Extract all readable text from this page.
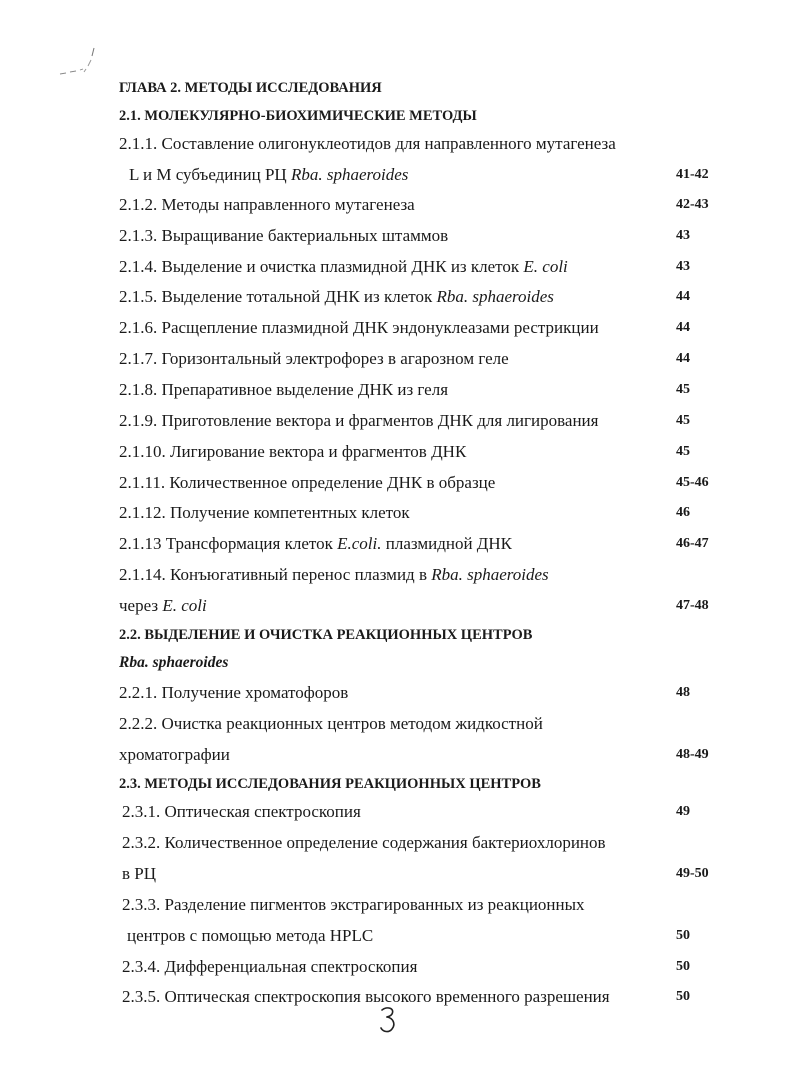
ГЛАВА 2. МЕТОДЫ ИССЛЕДОВАНИЯ
2.1. МОЛЕКУЛЯРНО-БИОХИМИЧЕСКИЕ МЕТОДЫ
2.1.1. Составление олигонуклеотидов для направленного мутагенеза
L и M субъединиц РЦ Rba. sphaeroides	41-42
2.1.2. Методы направленного мутагенеза	42-43
2.1.3. Выращивание бактериальных штаммов	43
2.1.4. Выделение и очистка плазмидной ДНК из клеток E. coli	43
2.1.5. Выделение тотальной ДНК из клеток Rba. sphaeroides	44
2.1.6. Расщепление плазмидной ДНК эндонуклеазами рестрикции	44
2.1.7. Горизонтальный электрофорез в агарозном геле	44
2.1.8. Препаративное выделение ДНК из геля	45
2.1.9. Приготовление вектора и фрагментов ДНК для лигирования	45
2.1.10. Лигирование вектора и фрагментов ДНК	45
2.1.11. Количественное определение ДНК в образце	45-46
2.1.12. Получение компетентных клеток	46
2.1.13 Трансформация клеток E.coli. плазмидной ДНК	46-47
2.1.14. Конъюгативный перенос плазмид в Rba. sphaeroides
через E. coli	47-48
2.2. ВЫДЕЛЕНИЕ И ОЧИСТКА РЕАКЦИОННЫХ ЦЕНТРОВ
Rba. sphaeroides
2.2.1. Получение хроматофоров	48
2.2.2. Очистка реакционных центров методом жидкостной
хроматографии	48-49
2.3. МЕТОДЫ ИССЛЕДОВАНИЯ РЕАКЦИОННЫХ ЦЕНТРОВ
2.3.1. Оптическая спектроскопия	49
2.3.2. Количественное определение содержания бактериохлоринов
в РЦ	49-50
2.3.3. Разделение пигментов экстрагированных из реакционных
центров с помощью метода HPLC	50
2.3.4. Дифференциальная спектроскопия	50
2.3.5. Оптическая спектроскопия высокого временного разрешения	50
